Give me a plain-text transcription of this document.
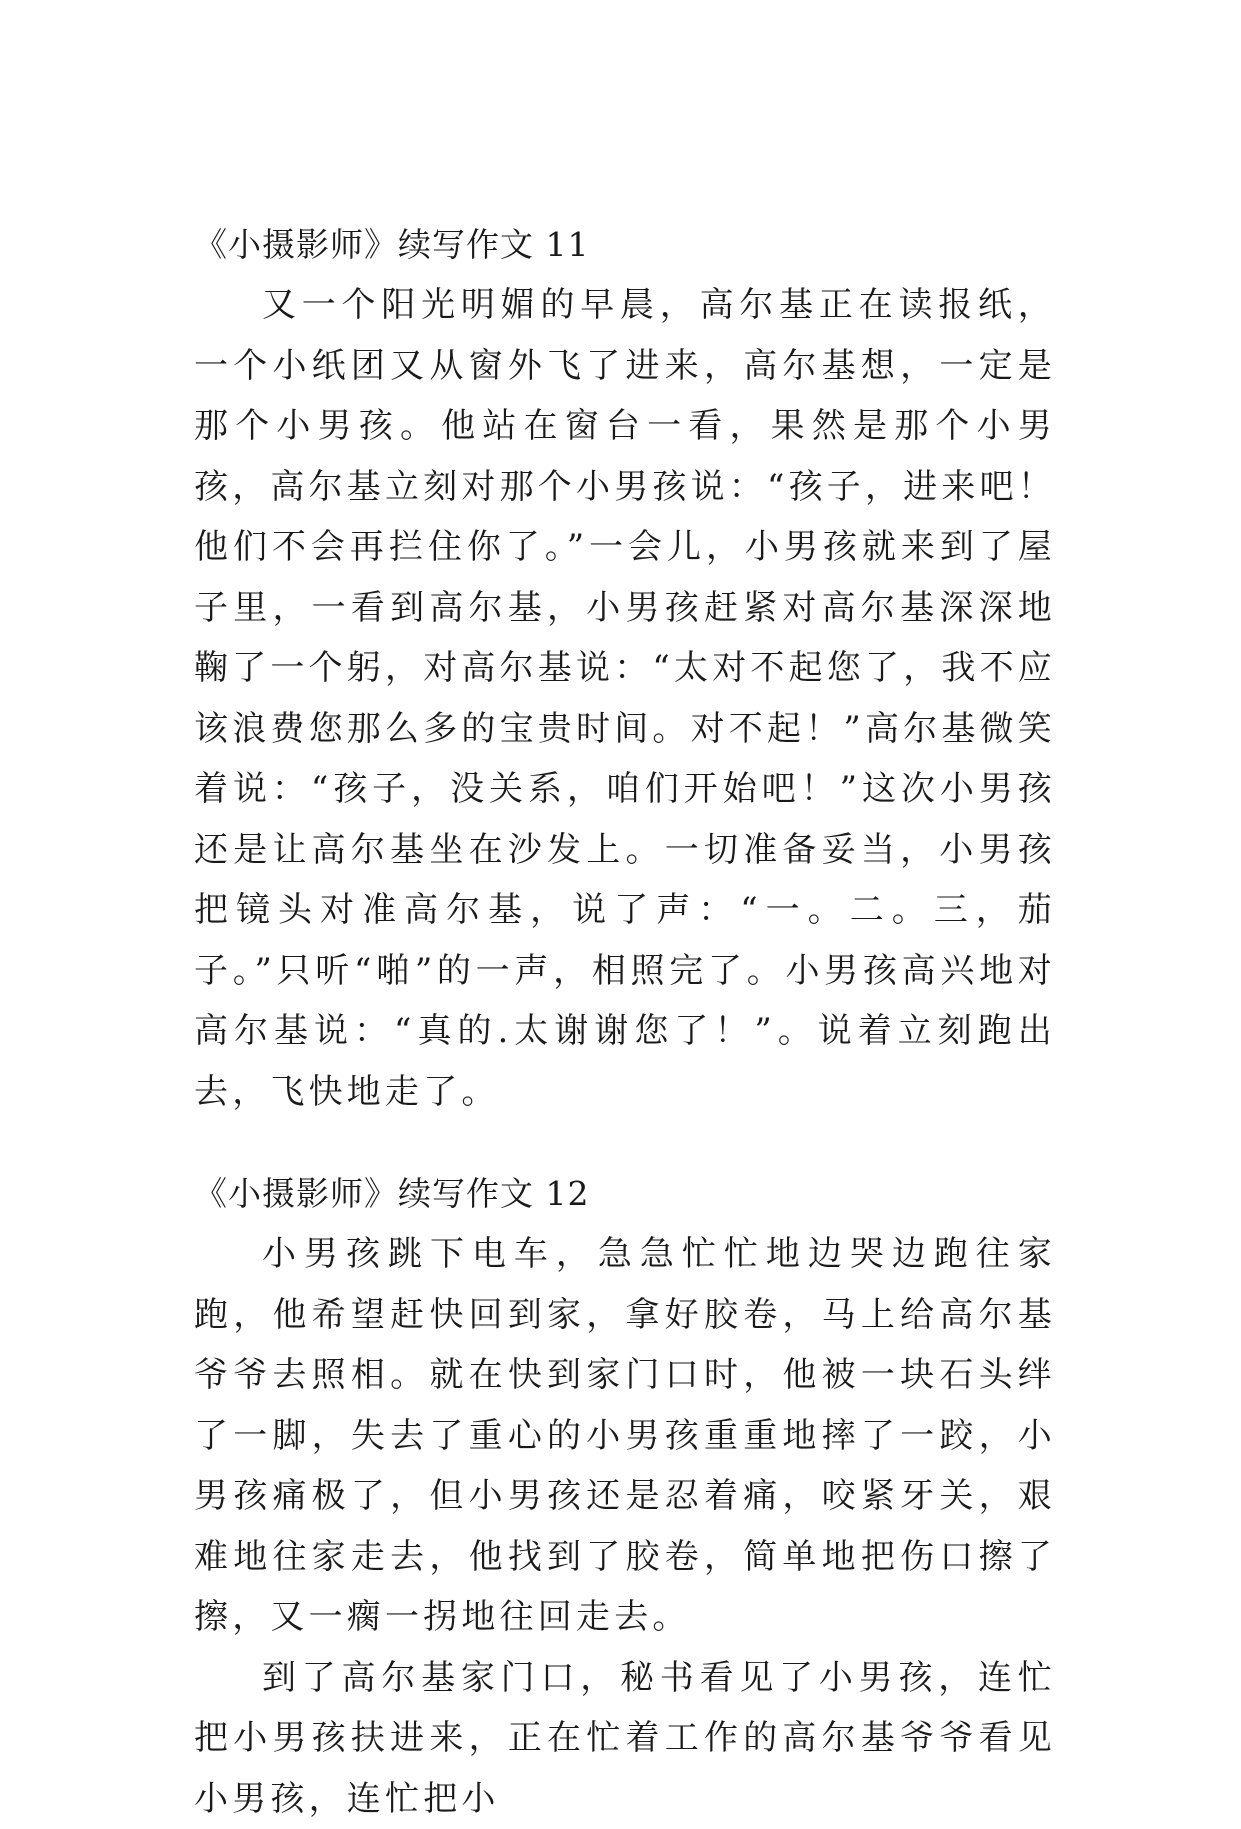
《小摄影师》续写作文 11

又一个阳光明媚的早晨，高尔基正在读报纸，一个小纸团又从窗外飞了进来，高尔基想，一定是那个小男孩。他站在窗台一看，果然是那个小男孩，高尔基立刻对那个小男孩说：“孩子，进来吧！他们不会再拦住你了。”一会儿，小男孩就来到了屋子里，一看到高尔基，小男孩赶紧对高尔基深深地鞠了一个躬，对高尔基说：“太对不起您了，我不应该浪费您那么多的宝贵时间。对不起！”高尔基微笑着说：“孩子，没关系，咱们开始吧！”这次小男孩还是让高尔基坐在沙发上。一切准备妥当，小男孩把镜头对准高尔基，说了声：“一。二。三，茄子。”只听“啪”的一声，相照完了。小男孩高兴地对高尔基说：“真的.太谢谢您了！”。说着立刻跑出去，飞快地走了。

《小摄影师》续写作文 12

小男孩跳下电车，急急忙忙地边哭边跑往家跑，他希望赶快回到家，拿好胶卷，马上给高尔基爷爷去照相。就在快到家门口时，他被一块石头绊了一脚，失去了重心的小男孩重重地摔了一跤，小男孩痛极了，但小男孩还是忍着痛，咬紧牙关，艰难地往家走去，他找到了胶卷，简单地把伤口擦了擦，又一瘸一拐地往回走去。

到了高尔基家门口，秘书看见了小男孩，连忙把小男孩扶进来，正在忙着工作的高尔基爷爷看见小男孩，连忙把小
